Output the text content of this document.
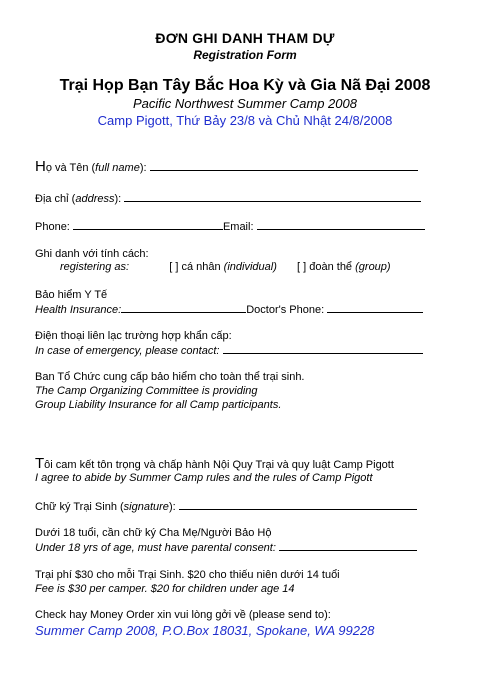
ĐƠN GHI DANH THAM DỰ
Registration Form
Trại Họp Bạn Tây Bắc Hoa Kỳ và Gia Nã Đại 2008
Pacific Northwest Summer Camp 2008
Camp Pigott, Thứ Bảy 23/8 và Chủ Nhật 24/8/2008
Họ và Tên (full name):
Địa chỉ (address):
Phone:	Email:
Ghi danh với tính cách:
registering as:	[ ] cá nhân (individual) [ ] đoàn thể (group)
Bảo hiểm Y Tế
Health Insurance:	Doctor's Phone:
Điện thoại liên lạc trường hợp khẩn cấp:
In case of emergency, please contact:
Ban Tổ Chức cung cấp bảo hiểm cho toàn thể trại sinh.
The Camp Organizing Committee is providing
Group Liability Insurance for all Camp participants.
Tôi cam kết tôn trọng và chấp hành Nội Quy Trại và quy luật Camp Pigott
I agree to abide by Summer Camp rules and the rules of Camp Pigott
Chữ ký Trại Sinh (signature):
Dưới 18 tuổi, cần chữ ký Cha Mẹ/Người Bảo Hộ
Under 18 yrs of age, must have parental consent:
Trại phí $30 cho mỗi Trại Sinh. $20 cho thiếu niên dưới 14 tuổi
Fee is $30 per camper. $20 for children under age 14
Check hay Money Order xin vui lòng gởi về (please send to):
Summer Camp 2008, P.O.Box 18031, Spokane, WA 99228
